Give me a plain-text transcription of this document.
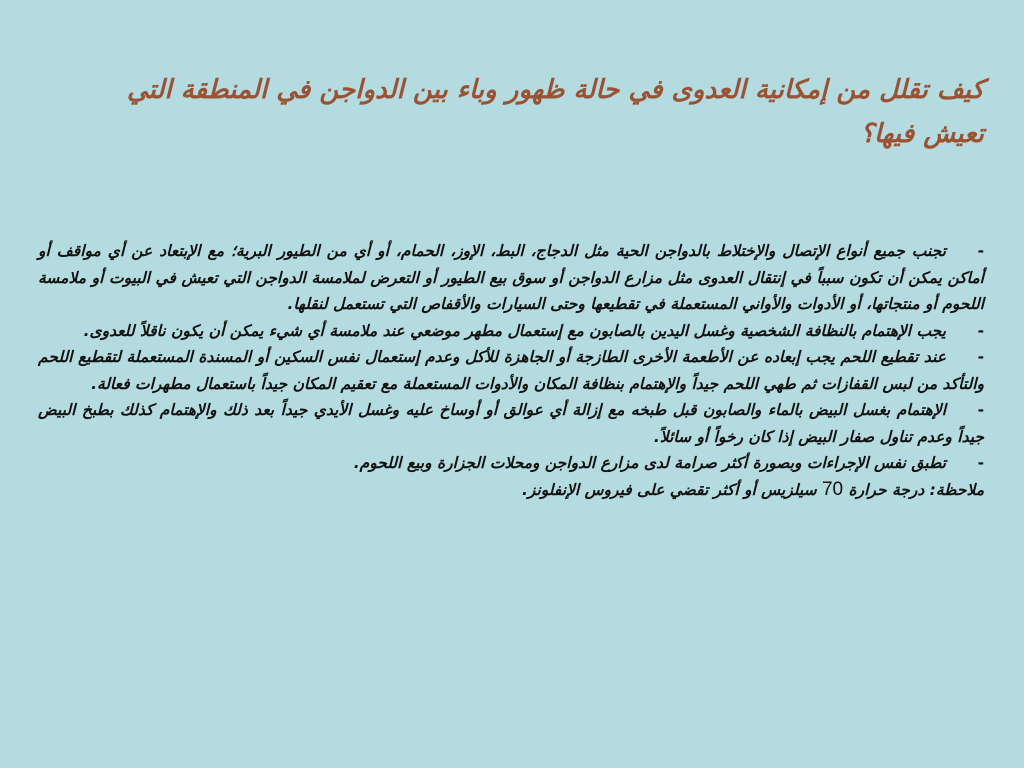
كيف تقلل من إمكانية العدوى في حالة ظهور وباء بين الدواجن في المنطقة التي تعيش فيها؟

-تجنب جميع أنواع الإتصال والإختلاط بالدواجن الحية مثل الدجاج، البط، الإوز، الحمام، أو أي من الطيور البرية؛ مع الإبتعاد عن أي مواقف أو أماكن يمكن أن تكون سبباً في إنتقال العدوى مثل مزارع الدواجن أو سوق بيع الطيور أو التعرض لملامسة الدواجن التي تعيش في البيوت أو ملامسة اللحوم أو منتجاتها، أو الأدوات والأواني المستعملة في تقطيعها وحتى السيارات والأقفاص التي تستعمل لنقلها.

-يجب الإهتمام بالنظافة الشخصية وغسل اليدين بالصابون مع إستعمال مطهر موضعي عند ملامسة أي شيء يمكن أن يكون ناقلاً للعدوى.

-عند تقطيع اللحم يجب إبعاده عن الأطعمة الأخرى الطازجة أو الجاهزة للأكل وعدم إستعمال نفس السكين أو المسندة المستعملة لتقطيع اللحم والتأكد من لبس القفازات ثم طهي اللحم جيداً والإهتمام بنظافة المكان والأدوات المستعملة مع تعقيم المكان جيداً باستعمال مطهرات فعالة.

-الإهتمام بغسل البيض بالماء والصابون قبل طبخه مع إزالة أي عوالق أو أوساخ عليه وغسل الأيدي جيداً بعد ذلك والإهتمام كذلك بطبخ البيض جيداً وعدم تناول صفار البيض إذا كان رخواً أو سائلاً.

-تطبق نفس الإجراءات وبصورة أكثر صرامة لدى مزارع الدواجن ومحلات الجزارة وبيع اللحوم.

ملاحظة: درجة حرارة 70 سيلزيس أو أكثر تقضي على فيروس الإنفلونز.
